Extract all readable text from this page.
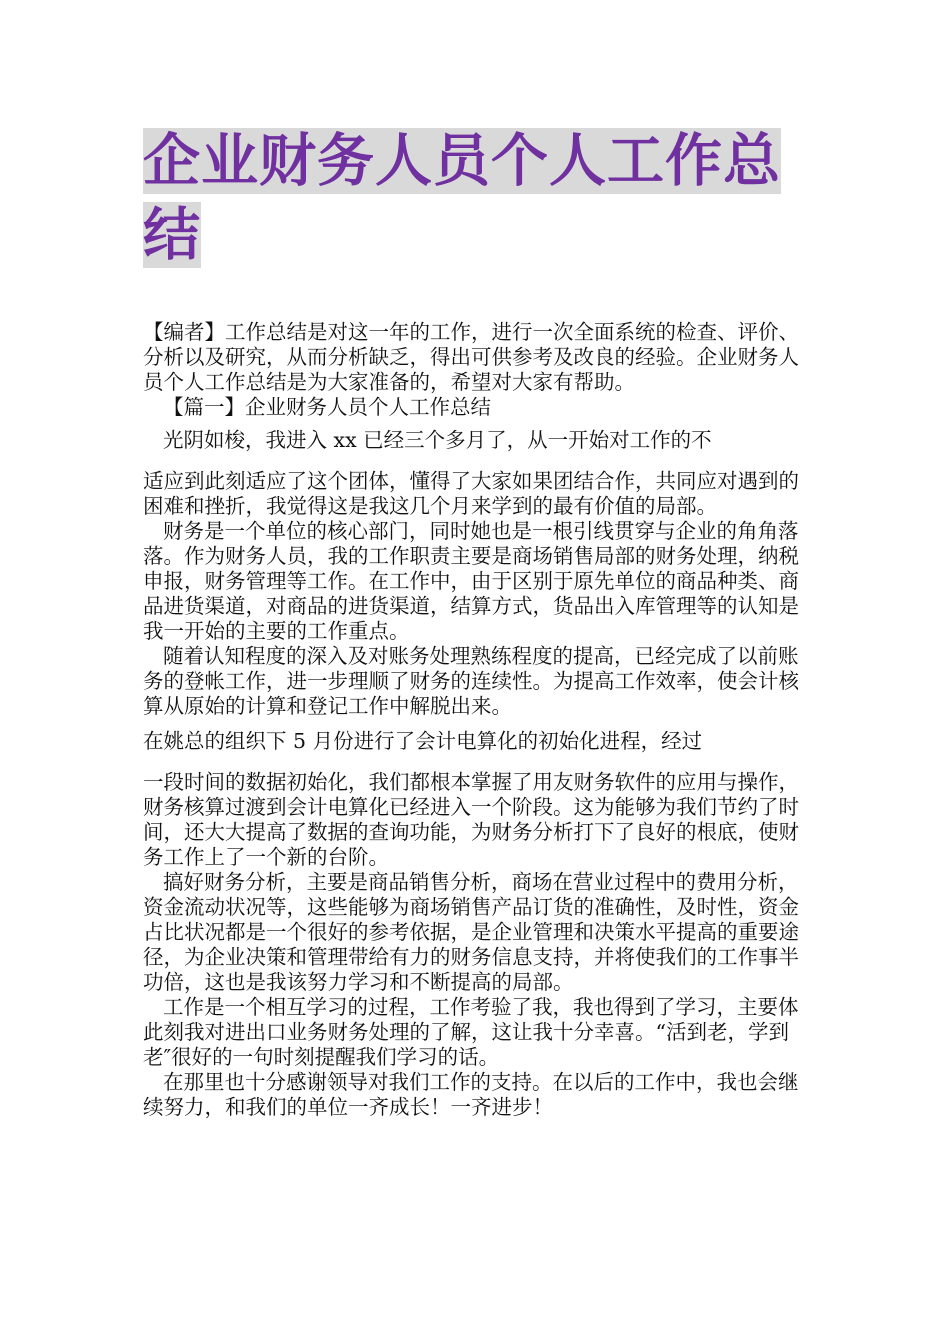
企业财务人员个人工作总
结

【编者】工作总结是对这一年的工作，进行一次全面系统的检查、评价、分析以及研究，从而分析缺乏，得出可供参考及改良的经验。企业财务人员个人工作总结是为大家准备的，希望对大家有帮助。

【篇一】企业财务人员个人工作总结

光阴如梭，我进入 xx 已经三个多月了，从一开始对工作的不

适应到此刻适应了这个团体，懂得了大家如果团结合作，共同应对遇到的困难和挫折，我觉得这是我这几个月来学到的最有价值的局部。

财务是一个单位的核心部门，同时她也是一根引线贯穿与企业的角角落落。作为财务人员，我的工作职责主要是商场销售局部的财务处理，纳税申报，财务管理等工作。在工作中，由于区别于原先单位的商品种类、商品进货渠道，对商品的进货渠道，结算方式，货品出入库管理等的认知是我一开始的主要的工作重点。

随着认知程度的深入及对账务处理熟练程度的提高，已经完成了以前账务的登帐工作，进一步理顺了财务的连续性。为提高工作效率，使会计核算从原始的计算和登记工作中解脱出来。

在姚总的组织下 5 月份进行了会计电算化的初始化进程，经过

一段时间的数据初始化，我们都根本掌握了用友财务软件的应用与操作，财务核算过渡到会计电算化已经进入一个阶段。这为能够为我们节约了时间，还大大提高了数据的查询功能，为财务分析打下了良好的根底，使财务工作上了一个新的台阶。

搞好财务分析，主要是商品销售分析，商场在营业过程中的费用分析，资金流动状况等，这些能够为商场销售产品订货的准确性，及时性，资金占比状况都是一个很好的参考依据，是企业管理和决策水平提高的重要途径，为企业决策和管理带给有力的财务信息支持，并将使我们的工作事半功倍，这也是我该努力学习和不断提高的局部。

工作是一个相互学习的过程，工作考验了我，我也得到了学习，主要体此刻我对进出口业务财务处理的了解，这让我十分幸喜。“活到老，学到老″很好的一句时刻提醒我们学习的话。

在那里也十分感谢领导对我们工作的支持。在以后的工作中，我也会继续努力，和我们的单位一齐成长！一齐进步！
